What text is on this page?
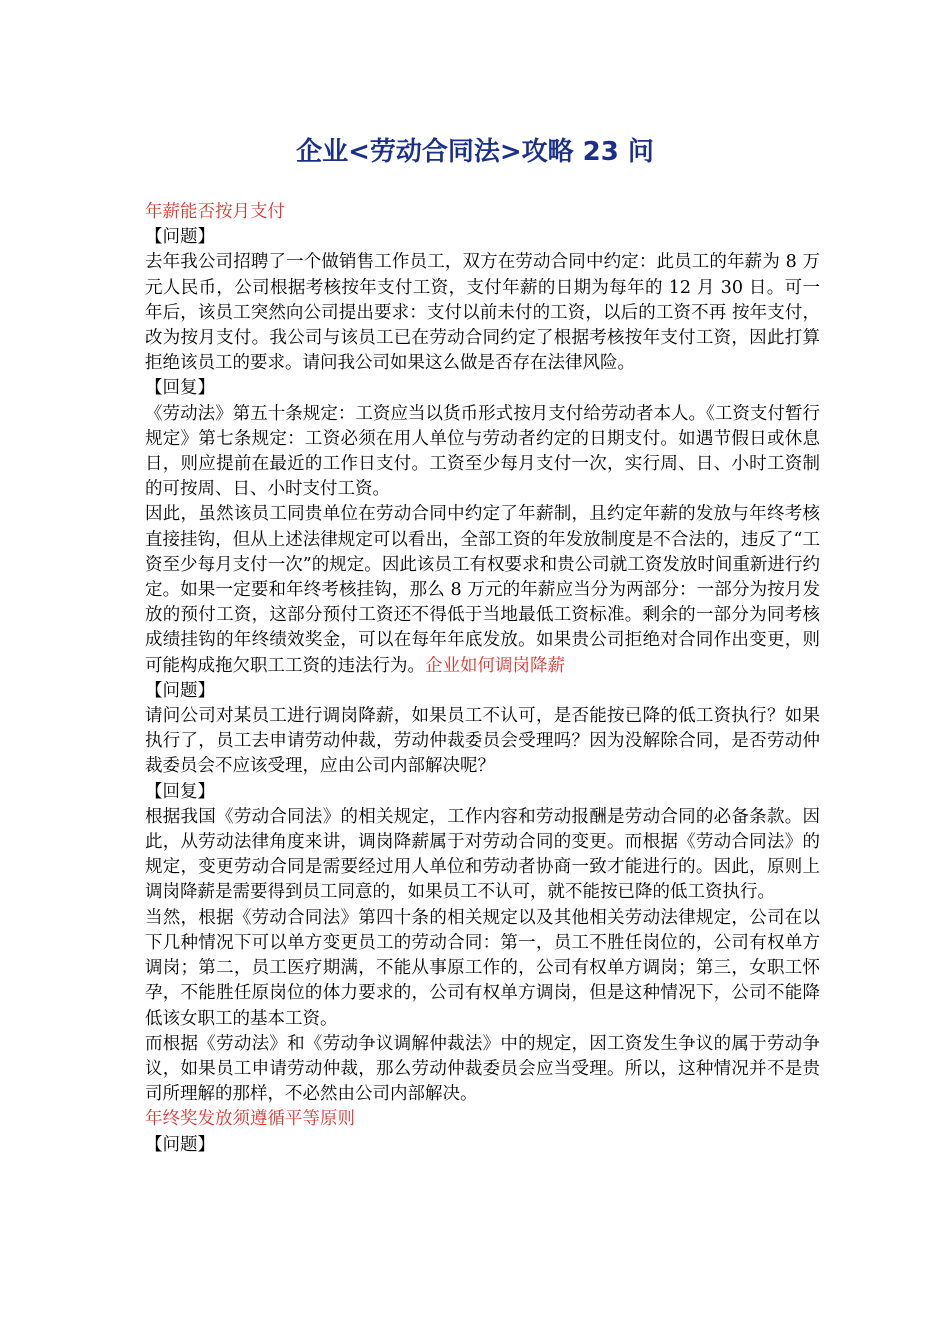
企业<劳动合同法>攻略 23 问

年薪能否按月支付

【问题】

去年我公司招聘了一个做销售工作员工，双方在劳动合同中约定：此员工的年薪为 8 万元人民币，公司根据考核按年支付工资，支付年薪的日期为每年的 12 月 30 日。可一年后，该员工突然向公司提出要求：支付以前未付的工资，以后的工资不再 按年支付，改为按月支付。我公司与该员工已在劳动合同约定了根据考核按年支付工资，因此打算拒绝该员工的要求。请问我公司如果这么做是否存在法律风险。

【回复】

《劳动法》第五十条规定：工资应当以货币形式按月支付给劳动者本人。《工资支付暂行规定》第七条规定：工资必须在用人单位与劳动者约定的日期支付。如遇节假日或休息日，则应提前在最近的工作日支付。工资至少每月支付一次，实行周、日、小时工资制的可按周、日、小时支付工资。

因此，虽然该员工同贵单位在劳动合同中约定了年薪制，且约定年薪的发放与年终考核直接挂钩，但从上述法律规定可以看出，全部工资的年发放制度是不合法的，违反了“工资至少每月支付一次”的规定。因此该员工有权要求和贵公司就工资发放时间重新进行约定。如果一定要和年终考核挂钩，那么 8 万元的年薪应当分为两部分：一部分为按月发放的预付工资，这部分预付工资还不得低于当地最低工资标准。剩余的一部分为同考核成绩挂钩的年终绩效奖金，可以在每年年底发放。如果贵公司拒绝对合同作出变更，则可能构成拖欠职工工资的违法行为。企业如何调岗降薪

【问题】

请问公司对某员工进行调岗降薪，如果员工不认可，是否能按已降的低工资执行？如果执行了，员工去申请劳动仲裁，劳动仲裁委员会受理吗？因为没解除合同，是否劳动仲裁委员会不应该受理，应由公司内部解决呢？

【回复】

根据我国《劳动合同法》的相关规定，工作内容和劳动报酬是劳动合同的必备条款。因此，从劳动法律角度来讲，调岗降薪属于对劳动合同的变更。而根据《劳动合同法》的规定，变更劳动合同是需要经过用人单位和劳动者协商一致才能进行的。因此，原则上调岗降薪是需要得到员工同意的，如果员工不认可，就不能按已降的低工资执行。

当然，根据《劳动合同法》第四十条的相关规定以及其他相关劳动法律规定，公司在以下几种情况下可以单方变更员工的劳动合同：第一，员工不胜任岗位的，公司有权单方调岗；第二，员工医疗期满，不能从事原工作的，公司有权单方调岗；第三，女职工怀孕，不能胜任原岗位的体力要求的，公司有权单方调岗，但是这种情况下，公司不能降低该女职工的基本工资。

而根据《劳动法》和《劳动争议调解仲裁法》中的规定，因工资发生争议的属于劳动争议，如果员工申请劳动仲裁，那么劳动仲裁委员会应当受理。所以，这种情况并不是贵司所理解的那样，不必然由公司内部解决。

年终奖发放须遵循平等原则

【问题】
